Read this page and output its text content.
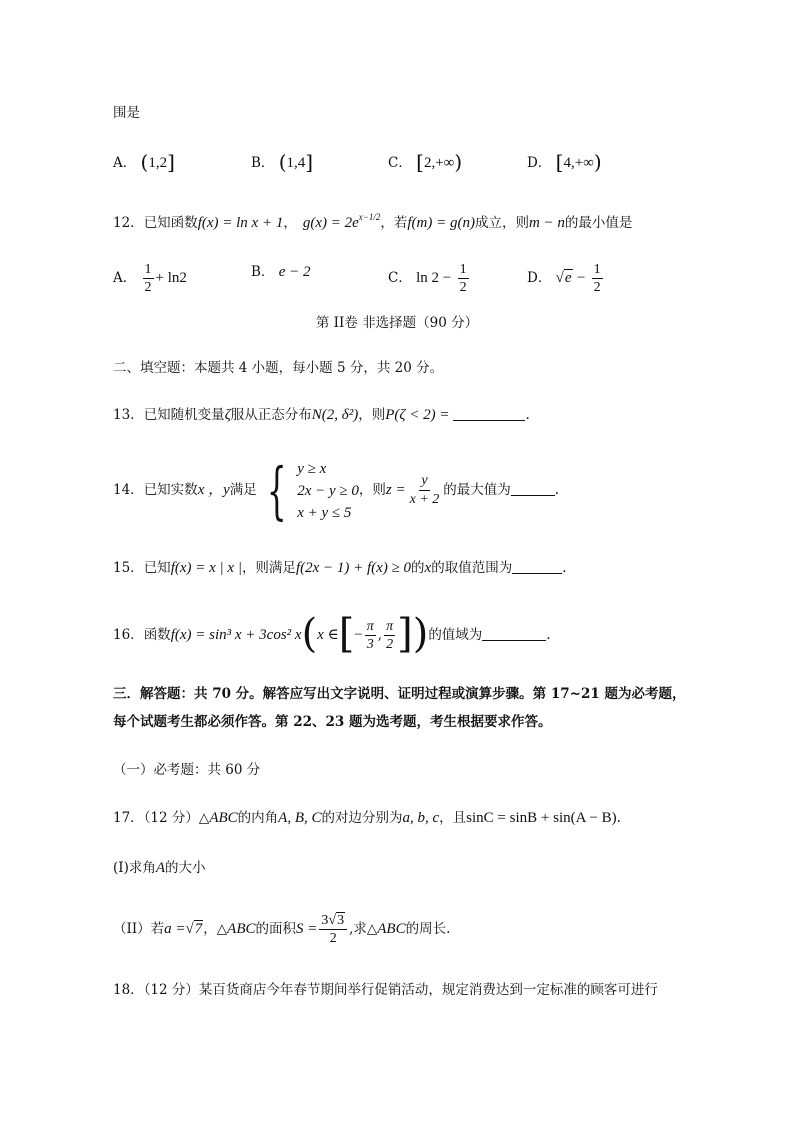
围是
A． (1,2]	B． (1,4]	C． [2,+∞)	D． [4,+∞)
12．已知函数f(x) = ln x + 1， $g(x) = 2e^{x-1/2}$，若f(m) = g(n)成立，则m − n的最小值是
A． $\frac{1}{2} + \ln 2$	B． e − 2	C． $\ln 2 - \frac{1}{2}$	D． $√e - \frac{1}{2}$
第 II卷 非选择题（90 分）
二、填空题：本题共 4 小题，每小题 5 分，共 20 分。
13．已知随机变量ζ服从正态分布N(2, δ²)，则P(ζ < 2) =	.
14．已知实数x ，y满足 { y ≥ x
2x − y ≥ 0
x + y ≤ 5
，则$z = \frac{y}{x + 2}$ 的最大值为	.
15．已知f(x) = x | x |，则满足f(2x − 1) + f(x) ≥ 0的x的取值范围为	.
16．函数f(x) = sin³ x + 3cos² x(x ∈[− $\frac{\pi}{3}$ , $\frac{\pi}{2}$ ])的值域为	.
三．解答题：共 70 分。解答应写出文字说明、证明过程或演算步骤。第 17~21 题为必考题，
每个试题考生都必须作答。第 22、23 题为选考题，考生根据要求作答。
（一）必考题：共 60 分
17．（12 分）△ABC的内角A, B, C的对边分别为a, b, c，且sinC = sinB + sin(A − B).
(I)求角A的大小
（II）若a =√7，△ABC的面积$S = \frac{3√3}{2}$ ,求△ABC的周长.
18．（12 分）某百货商店今年春节期间举行促销活动，规定消费达到一定标准的顾客可进行
